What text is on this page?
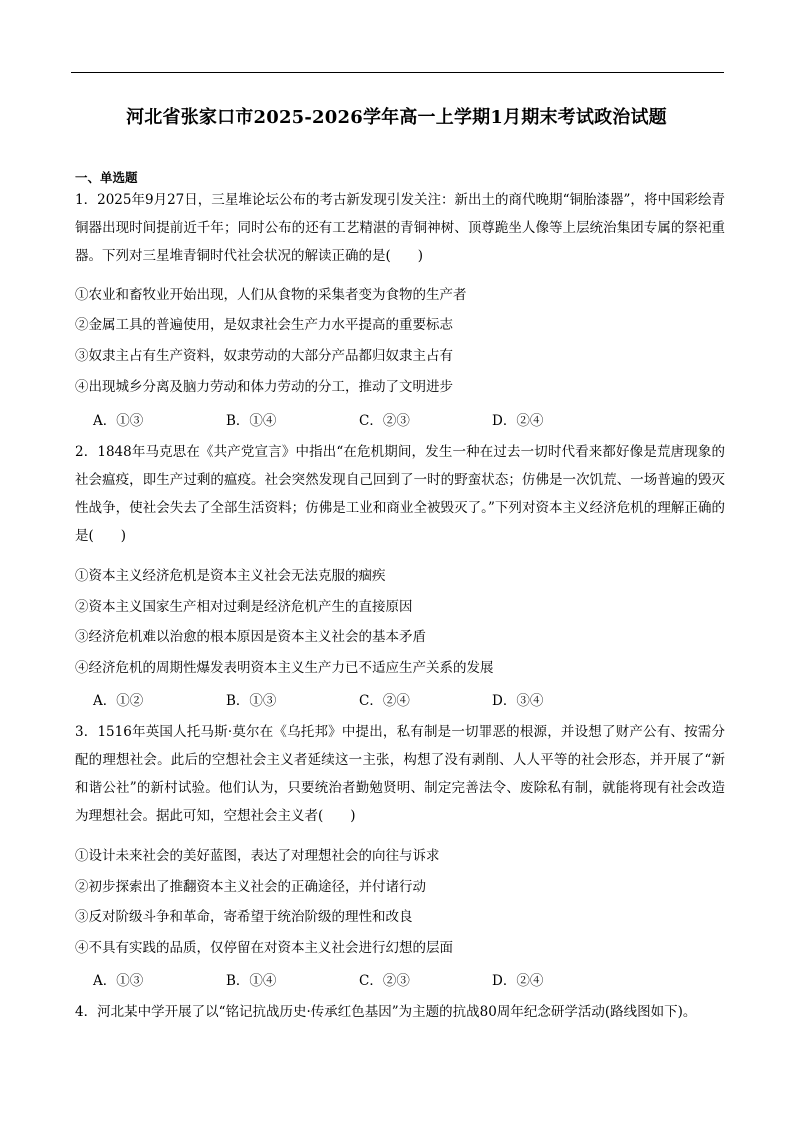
河北省张家口市2025-2026学年高一上学期1月期末考试政治试题
一、单选题
1．2025年9月27日，三星堆论坛公布的考古新发现引发关注：新出土的商代晚期“铜胎漆器”，将中国彩绘青铜器出现时间提前近千年；同时公布的还有工艺精湛的青铜神树、顶尊跪坐人像等上层统治集团专属的祭祀重器。下列对三星堆青铜时代社会状况的解读正确的是(　　)
①农业和畜牧业开始出现，人们从食物的采集者变为食物的生产者
②金属工具的普遍使用，是奴隶社会生产力水平提高的重要标志
③奴隶主占有生产资料，奴隶劳动的大部分产品都归奴隶主占有
④出现城乡分离及脑力劳动和体力劳动的分工，推动了文明进步
A．①③	B．①④	C．②③	D．②④
2．1848年马克思在《共产党宣言》中指出“在危机期间，发生一种在过去一切时代看来都好像是荒唐现象的社会瘟疫，即生产过剩的瘟疫。社会突然发现自己回到了一时的野蛮状态；仿佛是一次饥荒、一场普遍的毁灭性战争，使社会失去了全部生活资料；仿佛是工业和商业全被毁灭了。”下列对资本主义经济危机的理解正确的是(　　)
①资本主义经济危机是资本主义社会无法克服的痼疾
②资本主义国家生产相对过剩是经济危机产生的直接原因
③经济危机难以治愈的根本原因是资本主义社会的基本矛盾
④经济危机的周期性爆发表明资本主义生产力已不适应生产关系的发展
A．①②	B．①③	C．②④	D．③④
3．1516年英国人托马斯·莫尔在《乌托邦》中提出，私有制是一切罪恶的根源，并设想了财产公有、按需分配的理想社会。此后的空想社会主义者延续这一主张，构想了没有剥削、人人平等的社会形态，并开展了“新和谐公社”的新村试验。他们认为，只要统治者勤勉贤明、制定完善法令、废除私有制，就能将现有社会改造为理想社会。据此可知，空想社会主义者(　　)
①设计未来社会的美好蓝图，表达了对理想社会的向往与诉求
②初步探索出了推翻资本主义社会的正确途径，并付诸行动
③反对阶级斗争和革命，寄希望于统治阶级的理性和改良
④不具有实践的品质，仅停留在对资本主义社会进行幻想的层面
A．①③	B．①④	C．②③	D．②④
4．河北某中学开展了以“铭记抗战历史·传承红色基因”为主题的抗战80周年纪念研学活动(路线图如下)。
